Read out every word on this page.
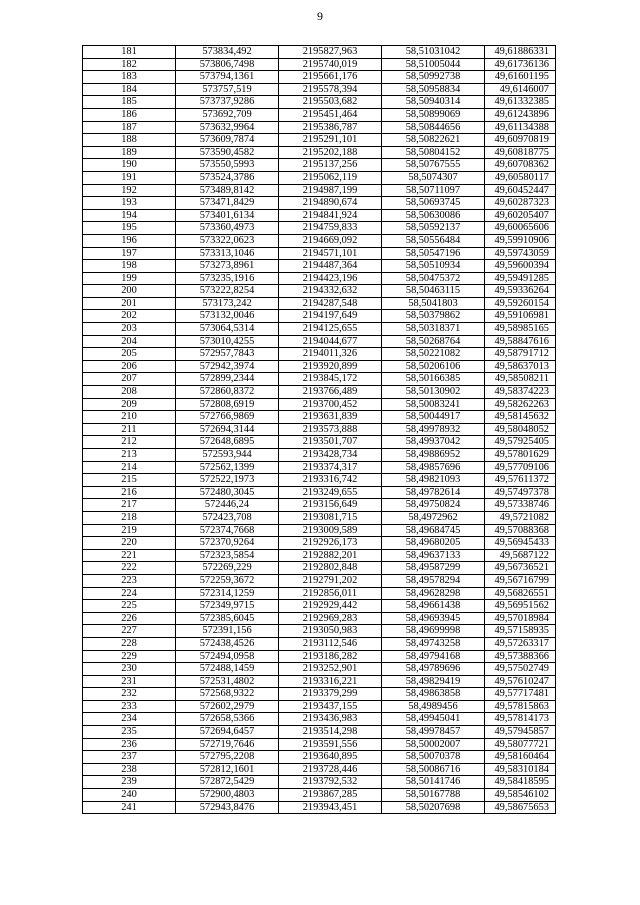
9
181	573834,492	2195827,963	58,51031042	49,61886331
182	573806,7498	2195740,019	58,51005044	49,61736136
183	573794,1361	2195661,176	58,50992738	49,61601195
184	573757,519	2195578,394	58,50958834	49,6146007
185	573737,9286	2195503,682	58,50940314	49,61332385
186	573692,709	2195451,464	58,50899069	49,61243896
187	573632,9964	2195386,787	58,50844656	49,61134388
188	573609,7874	2195291,101	58,50822621	49,60970819
189	573590,4582	2195202,188	58,50804152	49,60818775
190	573550,5993	2195137,256	58,50767555	49,60708362
191	573524,3786	2195062,119	58,5074307	49,60580117
192	573489,8142	2194987,199	58,50711097	49,60452447
193	573471,8429	2194890,674	58,50693745	49,60287323
194	573401,6134	2194841,924	58,50630086	49,60205407
195	573360,4973	2194759,833	58,50592137	49,60065606
196	573322,0623	2194669,092	58,50556484	49,59910906
197	573313,1046	2194571,101	58,50547196	49,59743059
198	573273,8961	2194487,364	58,50510934	49,59600394
199	573235,1916	2194423,196	58,50475372	49,59491285
200	573222,8254	2194332,632	58,50463115	49,59336264
201	573173,242	2194287,548	58,5041803	49,59260154
202	573132,0046	2194197,649	58,50379862	49,59106981
203	573064,5314	2194125,655	58,50318371	49,58985165
204	573010,4255	2194044,677	58,50268764	49,58847616
205	572957,7843	2194011,326	58,50221082	49,58791712
206	572942,3974	2193920,899	58,50206106	49,58637013
207	572899,2344	2193845,172	58,50166385	49,58508211
208	572860,8372	2193766,489	58,50130902	49,58374223
209	572808,6919	2193700,452	58,50083241	49,58262263
210	572766,9869	2193631,839	58,50044917	49,58145632
211	572694,3144	2193573,888	58,49978932	49,58048052
212	572648,6895	2193501,707	58,49937042	49,57925405
213	572593,944	2193428,734	58,49886952	49,57801629
214	572562,1399	2193374,317	58,49857696	49,57709106
215	572522,1973	2193316,742	58,49821093	49,57611372
216	572480,3045	2193249,655	58,49782614	49,57497378
217	572446,24	2193156,649	58,49750824	49,57338746
218	572423,708	2193081,715	58,4972962	49,5721082
219	572374,7668	2193009,589	58,49684745	49,57088368
220	572370,9264	2192926,173	58,49680205	49,56945433
221	572323,5854	2192882,201	58,49637133	49,5687122
222	572269,229	2192802,848	58,49587299	49,56736521
223	572259,3672	2192791,202	58,49578294	49,56716799
224	572314,1259	2192856,011	58,49628298	49,56826551
225	572349,9715	2192929,442	58,49661438	49,56951562
226	572385,6045	2192969,283	58,49693945	49,57018984
227	572391,156	2193050,983	58,49699998	49,57158935
228	572438,4526	2193112,546	58,49743258	49,57263317
229	572494,0958	2193186,282	58,49794168	49,57388366
230	572488,1459	2193252,901	58,49789696	49,57502749
231	572531,4802	2193316,221	58,49829419	49,57610247
232	572568,9322	2193379,299	58,49863858	49,57717481
233	572602,2979	2193437,155	58,4989456	49,57815863
234	572658,5366	2193436,983	58,49945041	49,57814173
235	572694,6457	2193514,298	58,49978457	49,57945857
236	572719,7646	2193591,556	58,50002007	49,58077721
237	572795,2208	2193640,895	58,50070378	49,58160464
238	572812,1601	2193728,446	58,50086716	49,58310184
239	572872,5429	2193792,532	58,50141746	49,58418595
240	572900,4803	2193867,285	58,50167788	49,58546102
241	572943,8476	2193943,451	58,50207698	49,58675653
